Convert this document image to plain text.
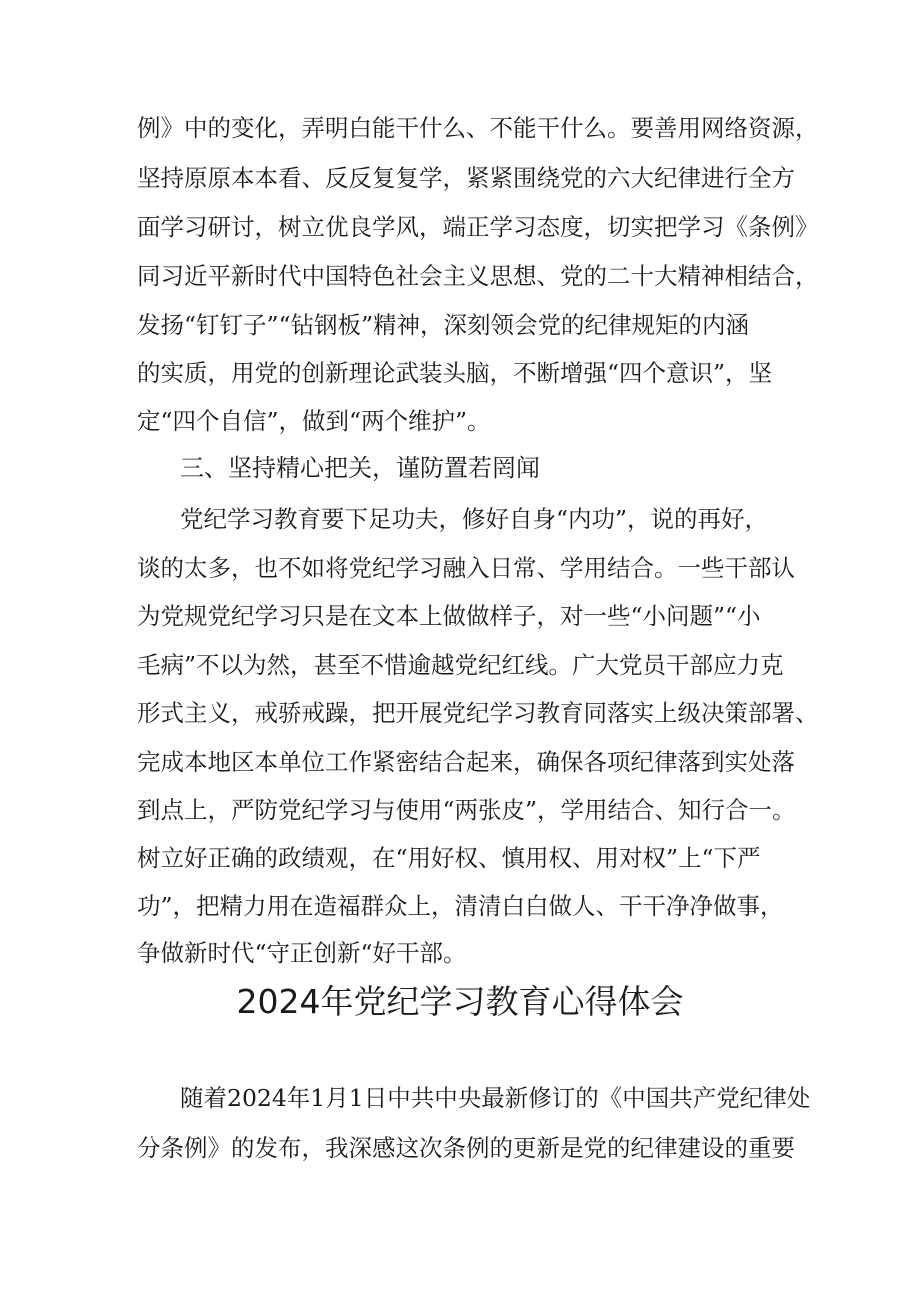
例》中的变化，弄明白能干什么、不能干什么。要善用网络资源，
坚持原原本本看、反反复复学，紧紧围绕党的六大纪律进行全方
面学习研讨，树立优良学风，端正学习态度，切实把学习《条例》
同习近平新时代中国特色社会主义思想、党的二十大精神相结合，
发扬“钉钉子”“钻钢板”精神，深刻领会党的纪律规矩的内涵
的实质，用党的创新理论武装头脑，不断增强“四个意识”，坚
定“四个自信”，做到“两个维护”。
三、坚持精心把关，谨防置若罔闻
党纪学习教育要下足功夫，修好自身“内功”，说的再好，
谈的太多，也不如将党纪学习融入日常、学用结合。一些干部认
为党规党纪学习只是在文本上做做样子，对一些“小问题”“小
毛病”不以为然，甚至不惜逾越党纪红线。广大党员干部应力克
形式主义，戒骄戒躁，把开展党纪学习教育同落实上级决策部署、
完成本地区本单位工作紧密结合起来，确保各项纪律落到实处落
到点上，严防党纪学习与使用“两张皮”，学用结合、知行合一。
树立好正确的政绩观，在“用好权、慎用权、用对权”上“下严
功”，把精力用在造福群众上，清清白白做人、干干净净做事，
争做新时代“守正创新“好干部。
2024年党纪学习教育心得体会
随着2024年1月1日中共中央最新修订的《中国共产党纪律处
分条例》的发布，我深感这次条例的更新是党的纪律建设的重要
